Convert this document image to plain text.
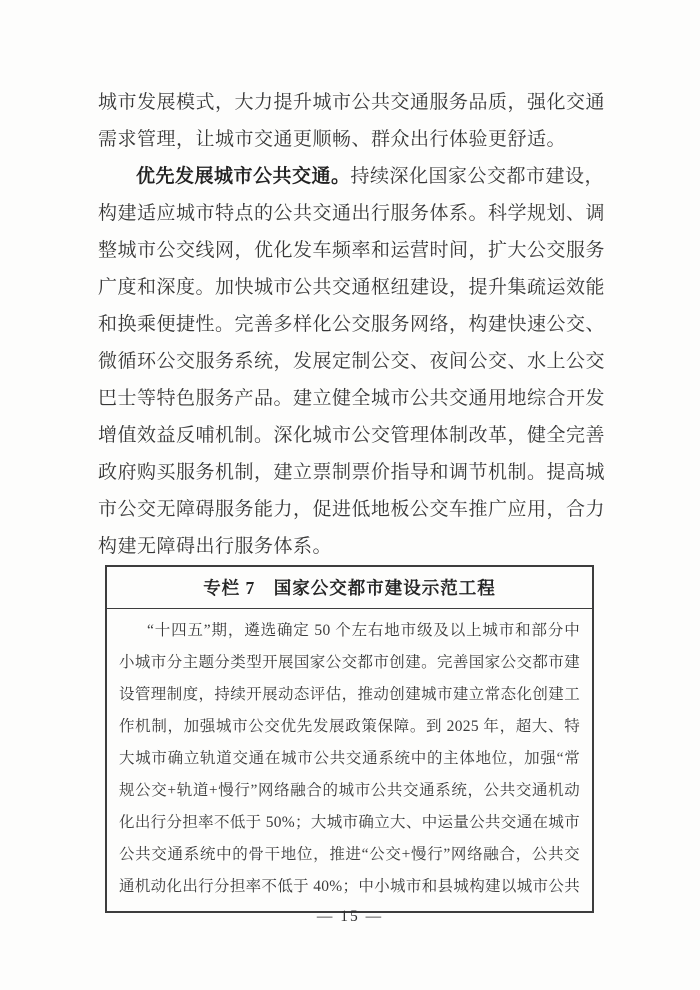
城市发展模式，大力提升城市公共交通服务品质，强化交通
需求管理，让城市交通更顺畅、群众出行体验更舒适。
优先发展城市公共交通。持续深化国家公交都市建设，
构建适应城市特点的公共交通出行服务体系。科学规划、调
整城市公交线网，优化发车频率和运营时间，扩大公交服务
广度和深度。加快城市公共交通枢纽建设，提升集疏运效能
和换乘便捷性。完善多样化公交服务网络，构建快速公交、
微循环公交服务系统，发展定制公交、夜间公交、水上公交
巴士等特色服务产品。建立健全城市公共交通用地综合开发
增值效益反哺机制。深化城市公交管理体制改革，健全完善
政府购买服务机制，建立票制票价指导和调节机制。提高城
市公交无障碍服务能力，促进低地板公交车推广应用，合力
构建无障碍出行服务体系。
专栏 7　国家公交都市建设示范工程
“十四五”期，遴选确定 50 个左右地市级及以上城市和部分中
小城市分主题分类型开展国家公交都市创建。完善国家公交都市建
设管理制度，持续开展动态评估，推动创建城市建立常态化创建工
作机制，加强城市公交优先发展政策保障。到 2025 年，超大、特
大城市确立轨道交通在城市公共交通系统中的主体地位，加强“常
规公交+轨道+慢行”网络融合的城市公共交通系统，公共交通机动
化出行分担率不低于 50%；大城市确立大、中运量公共交通在城市
公共交通系统中的骨干地位，推进“公交+慢行”网络融合，公共交
通机动化出行分担率不低于 40%；中小城市和县城构建以城市公共
— 15 —
